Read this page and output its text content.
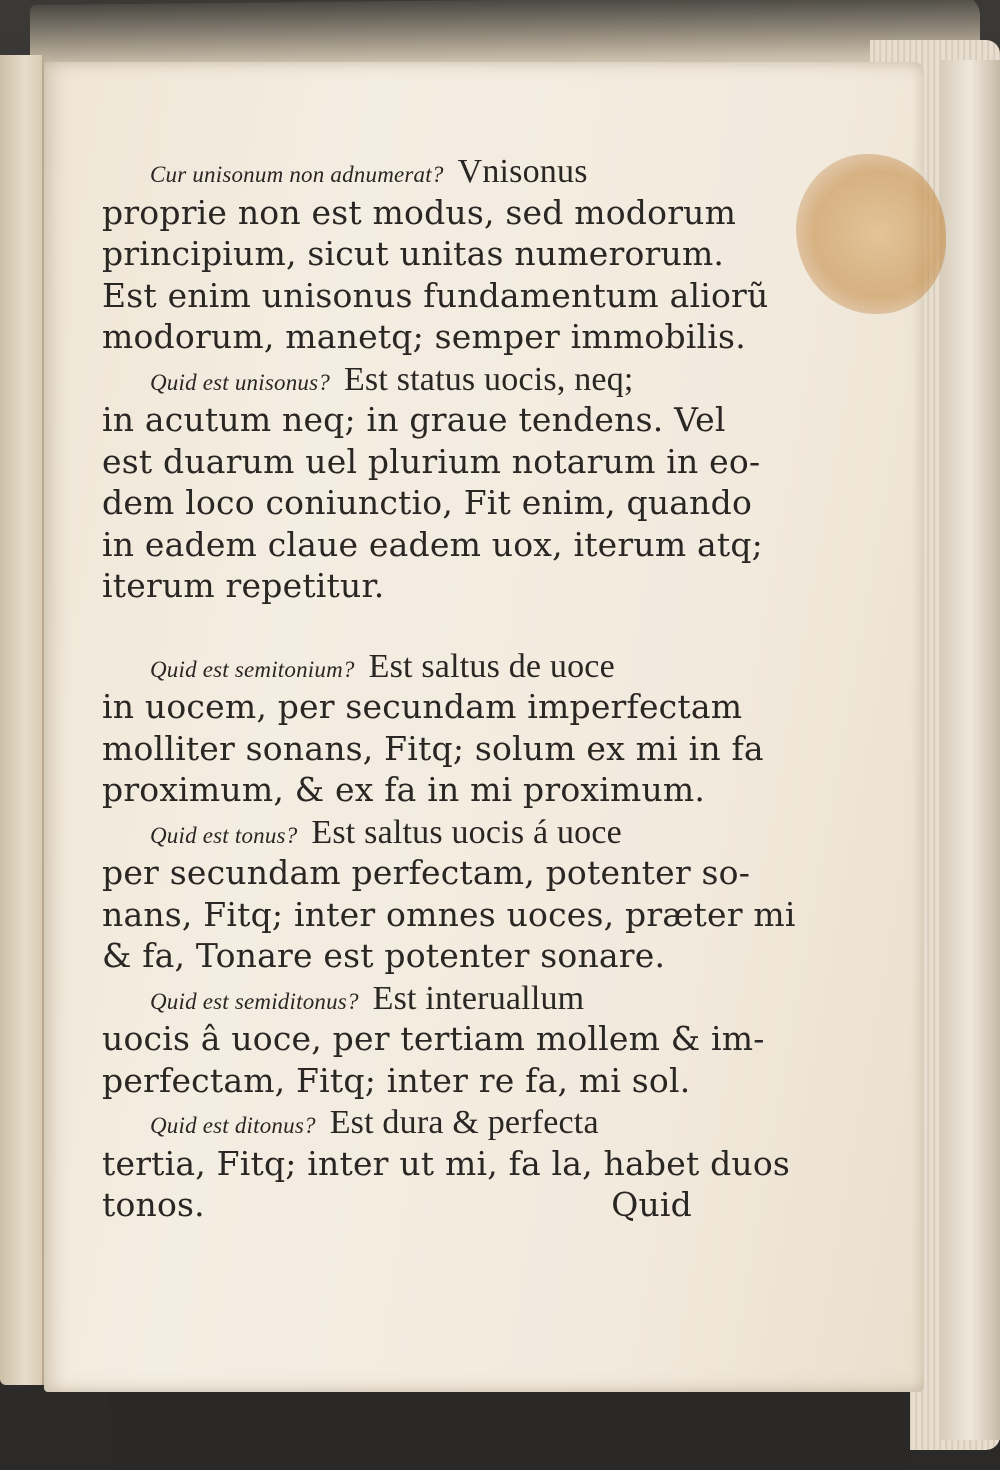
Cur unisonum non adnumerat? Vnisonus
proprie non est modus, sed modorum
principium, sicut unitas numerorum.
Est enim unisonus fundamentum aliorũ
modorum, manetq; semper immobilis.
Quid est unisonus? Est status uocis, neq;
in acutum neq; in graue tendens. Vel
est duarum uel plurium notarum in eo-
dem loco coniunctio, Fit enim, quando
in eadem claue eadem uox, iterum atq;
iterum repetitur.
Quid est semitonium? Est saltus de uoce
in uocem, per secundam imperfectam
molliter sonans, Fitq; solum ex mi in fa
proximum, & ex fa in mi proximum.
Quid est tonus? Est saltus uocis á uoce
per secundam perfectam, potenter so-
nans, Fitq; inter omnes uoces, præter mi
& fa, Tonare est potenter sonare.
Quid est semiditonus? Est interuallum
uocis â uoce, per tertiam mollem & im-
perfectam, Fitq; inter re fa, mi sol.
Quid est ditonus? Est dura & perfecta
tertia, Fitq; inter ut mi, fa la, habet duos
tonos.	Quid
